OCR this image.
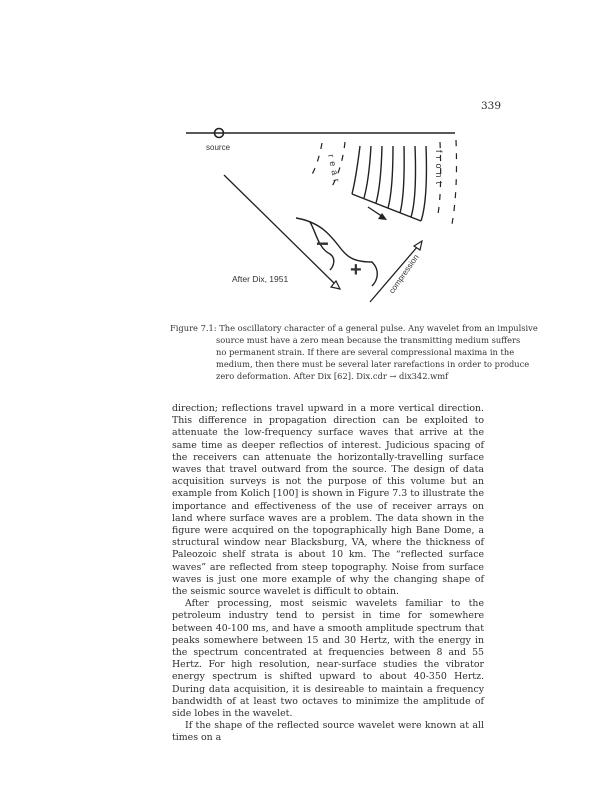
339
source
rear	front
−
+	compression
After Dix, 1951
Figure 7.1: The oscillatory character of a general pulse. Any wavelet from an impulsive
source must have a zero mean because the transmitting medium suffers
no permanent strain. If there are several compressional maxima in the
medium, then there must be several later rarefactions in order to produce
zero deformation. After Dix [62]. Dix.cdr → dix342.wmf

direction; reflections travel upward in a more vertical direction. This difference in propagation direction can be exploited to attenuate the low-frequency surface waves that arrive at the same time as deeper reflectios of interest. Judicious spacing of the receivers can attenuate the horizontally-travelling surface waves that travel outward from the source. The design of data acquisition surveys is not the purpose of this volume but an example from Kolich [100] is shown in Figure 7.3 to illustrate the importance and effectiveness of the use of receiver arrays on land where surface waves are a problem. The data shown in the figure were acquired on the topographically high Bane Dome, a structural window near Blacksburg, VA, where the thickness of Paleozoic shelf strata is about 10 km. The “reflected surface waves” are reflected from steep topography. Noise from surface waves is just one more example of why the changing shape of the seismic source wavelet is difficult to obtain.

After processing, most seismic wavelets familiar to the petroleum industry tend to persist in time for somewhere between 40-100 ms, and have a smooth amplitude spectrum that peaks somewhere between 15 and 30 Hertz, with the energy in the spectrum concentrated at frequencies between 8 and 55 Hertz. For high resolution, near-surface studies the vibrator energy spectrum is shifted upward to about 40-350 Hertz. During data acquisition, it is desireable to maintain a frequency bandwidth of at least two octaves to minimize the amplitude of side lobes in the wavelet.

If the shape of the reflected source wavelet were known at all times on a
